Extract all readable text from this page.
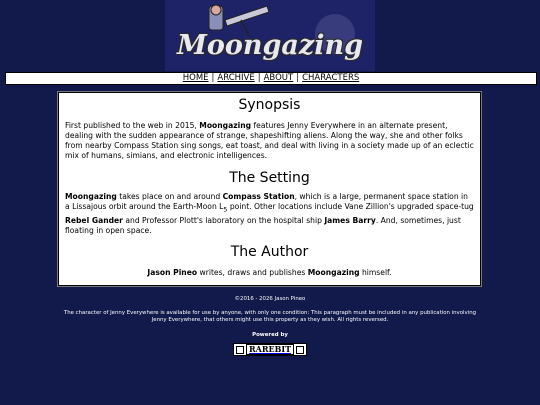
Moongazing
HOME | ARCHIVE | ABOUT | CHARACTERS
Synopsis

First published to the web in 2015, Moongazing features Jenny Everywhere in an alternate present, dealing with the sudden appearance of strange, shapeshifting aliens. Along the way, she and other folks from nearby Compass Station sing songs, eat toast, and deal with living in a society made up of an eclectic mix of humans, simians, and electronic intelligences.

The Setting

Moongazing takes place on and around Compass Station, which is a large, permanent space station in a Lissajous orbit around the Earth-Moon $L_5$ point. Other locations include Vane Zillion's upgraded space-tug Rebel Gander and Professor Plott's laboratory on the hospital ship James Barry. And, sometimes, just floating in open space.

The Author

Jason Pineo writes, draws and publishes Moongazing himself.

©2016 - 2026 Jason Pineo
The character of Jenny Everywhere is available for use by anyone, with only one condition: This paragraph must be included in any publication involving Jenny Everywhere, that others might use this property as they wish. All rights reversed.
Powered by
RAREBIT
